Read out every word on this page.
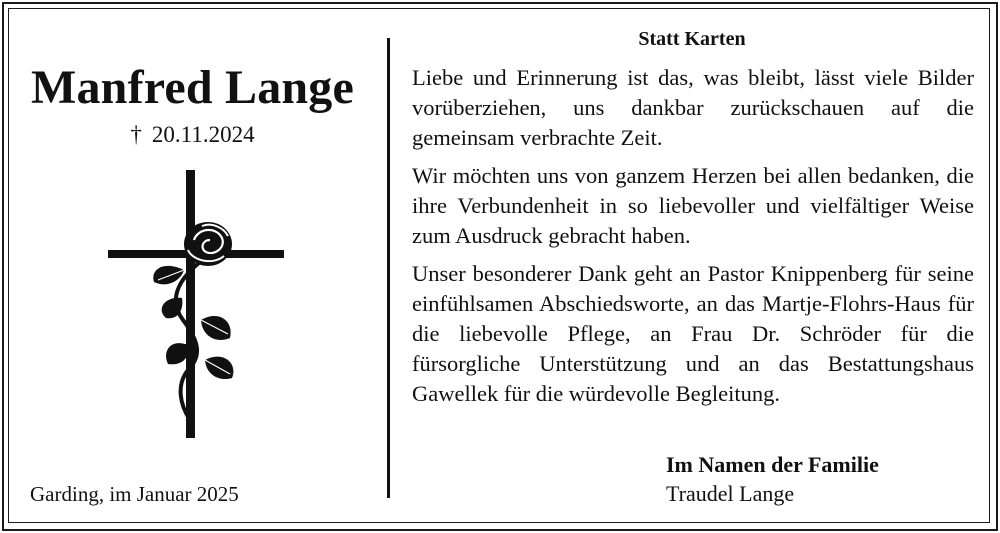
Manfred Lange
† 20.11.2024
Garding, im Januar 2025
Statt Karten

Liebe und Erinnerung ist das, was bleibt, lässt viele Bilder vorüberziehen, uns dankbar zurückschauen auf die gemeinsam verbrachte Zeit.

Wir möchten uns von ganzem Herzen bei allen bedanken, die ihre Verbundenheit in so liebevoller und vielfältiger Weise zum Ausdruck gebracht haben.

Unser besonderer Dank geht an Pastor Knippenberg für seine einfühlsamen Abschiedsworte, an das Martje-Flohrs-Haus für die liebevolle Pflege, an Frau Dr. Schröder für die fürsorgliche Unterstützung und an das Bestattungshaus Gawellek für die würdevolle Begleitung.

Im Namen der Familie
Traudel Lange
